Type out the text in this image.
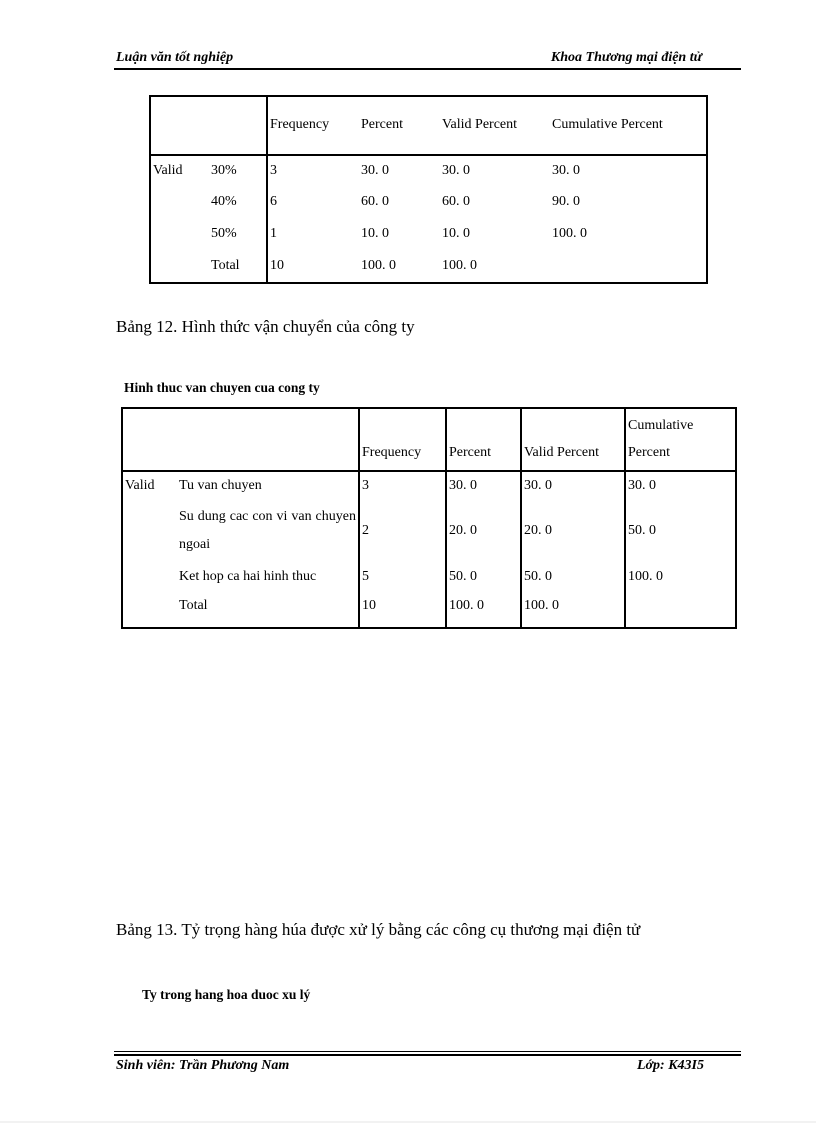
Luận văn tốt nghiệp	Khoa Thương mại điện tử
		Frequency	Percent	Valid Percent	Cumulative Percent
Valid	30%	3	30. 0	30. 0	30. 0
	40%	6	60. 0	60. 0	90. 0
	50%	1	10. 0	10. 0	100. 0
	Total	10	100. 0	100. 0	
Bảng 12. Hình thức vận chuyển của công ty
Hinh thuc van chuyen cua cong ty
		Frequency	Percent	Valid Percent	Cumulative
Percent

Valid	Tu van chuyen	3	30. 0	30. 0	30. 0
	Su dung cac con vi van chuyen ngoai	2	20. 0	20. 0	50. 0
	Ket hop ca hai hinh thuc	5	50. 0	50. 0	100. 0
	Total	10	100. 0	100. 0	
Bảng 13. Tỷ trọng hàng húa được xử lý bằng các công cụ thương mại điện tử
Ty trong hang hoa duoc xu lý
Sinh viên: Trần Phương Nam	Lớp: K43I5
